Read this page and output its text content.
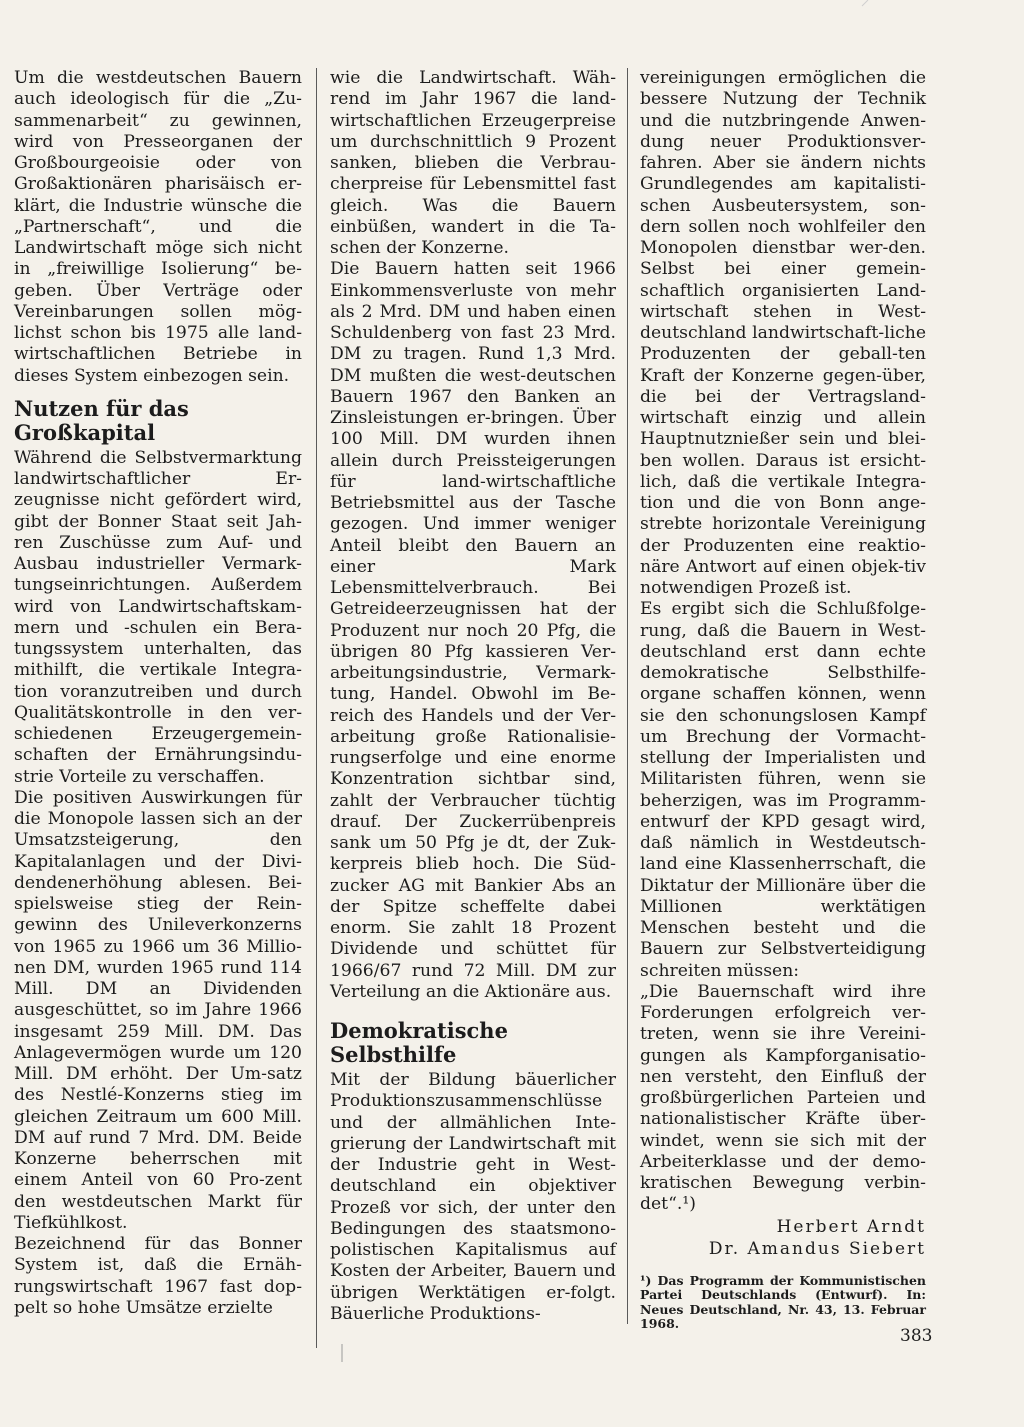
Um die westdeutschen Bauern auch ideologisch für die „Zu-sammenarbeit“ zu gewinnen, wird von Presseorganen der Großbourgeoisie oder von Großaktionären pharisäisch er-klärt, die Industrie wünsche die „Partnerschaft“, und die Landwirtschaft möge sich nicht in „freiwillige Isolierung“ be-geben. Über Verträge oder Vereinbarungen sollen mög-lichst schon bis 1975 alle land-wirtschaftlichen Betriebe in dieses System einbezogen sein.

Nutzen für das Großkapital

Während die Selbstvermarktung landwirtschaftlicher Er-zeugnisse nicht gefördert wird, gibt der Bonner Staat seit Jah-ren Zuschüsse zum Auf- und Ausbau industrieller Vermark-tungseinrichtungen. Außerdem wird von Landwirtschaftskam-mern und -schulen ein Bera-tungssystem unterhalten, das mithilft, die vertikale Integra-tion voranzutreiben und durch Qualitätskontrolle in den ver-schiedenen Erzeugergemein-schaften der Ernährungsindu-strie Vorteile zu verschaffen.

Die positiven Auswirkungen für die Monopole lassen sich an der Umsatzsteigerung, den Kapitalanlagen und der Divi-dendenerhöhung ablesen. Bei-spielsweise stieg der Rein-gewinn des Unileverkonzerns von 1965 zu 1966 um 36 Millio-nen DM, wurden 1965 rund 114 Mill. DM an Dividenden ausgeschüttet, so im Jahre 1966 insgesamt 259 Mill. DM. Das Anlagevermögen wurde um 120 Mill. DM erhöht. Der Um-satz des Nestlé-Konzerns stieg im gleichen Zeitraum um 600 Mill. DM auf rund 7 Mrd. DM. Beide Konzerne beherrschen mit einem Anteil von 60 Pro-zent den westdeutschen Markt für Tiefkühlkost.

Bezeichnend für das Bonner System ist, daß die Ernäh-rungswirtschaft 1967 fast dop-pelt so hohe Umsätze erzielte

wie die Landwirtschaft. Wäh-rend im Jahr 1967 die land-wirtschaftlichen Erzeugerpreise um durchschnittlich 9 Prozent sanken, blieben die Verbrau-cherpreise für Lebensmittel fast gleich. Was die Bauern einbüßen, wandert in die Ta-schen der Konzerne.

Die Bauern hatten seit 1966 Einkommensverluste von mehr als 2 Mrd. DM und haben einen Schuldenberg von fast 23 Mrd. DM zu tragen. Rund 1,3 Mrd. DM mußten die west-deutschen Bauern 1967 den Banken an Zinsleistungen er-bringen. Über 100 Mill. DM wurden ihnen allein durch Preissteigerungen für land-wirtschaftliche Betriebsmittel aus der Tasche gezogen. Und immer weniger Anteil bleibt den Bauern an einer Mark Lebensmittelverbrauch. Bei Getreideerzeugnissen hat der Produzent nur noch 20 Pfg, die übrigen 80 Pfg kassieren Ver-arbeitungsindustrie, Vermark-tung, Handel. Obwohl im Be-reich des Handels und der Ver-arbeitung große Rationalisie-rungserfolge und eine enorme Konzentration sichtbar sind, zahlt der Verbraucher tüchtig drauf. Der Zuckerrübenpreis sank um 50 Pfg je dt, der Zuk-kerpreis blieb hoch. Die Süd-zucker AG mit Bankier Abs an der Spitze scheffelte dabei enorm. Sie zahlt 18 Prozent Dividende und schüttet für 1966/67 rund 72 Mill. DM zur Verteilung an die Aktionäre aus.

Demokratische Selbsthilfe

Mit der Bildung bäuerlicher Produktionszusammenschlüsse und der allmählichen Inte-grierung der Landwirtschaft mit der Industrie geht in West-deutschland ein objektiver Prozeß vor sich, der unter den Bedingungen des staatsmono-polistischen Kapitalismus auf Kosten der Arbeiter, Bauern und übrigen Werktätigen er-folgt. Bäuerliche Produktions-

vereinigungen ermöglichen die bessere Nutzung der Technik und die nutzbringende Anwen-dung neuer Produktionsver-fahren. Aber sie ändern nichts Grundlegendes am kapitalisti-schen Ausbeutersystem, son-dern sollen noch wohlfeiler den Monopolen dienstbar wer-den. Selbst bei einer gemein-schaftlich organisierten Land-wirtschaft stehen in West-deutschland landwirtschaft-liche Produzenten der geball-ten Kraft der Konzerne gegen-über, die bei der Vertragsland-wirtschaft einzig und allein Hauptnutznießer sein und blei-ben wollen. Daraus ist ersicht-lich, daß die vertikale Integra-tion und die von Bonn ange-strebte horizontale Vereinigung der Produzenten eine reaktio-näre Antwort auf einen objek-tiv notwendigen Prozeß ist.

Es ergibt sich die Schlußfolge-rung, daß die Bauern in West-deutschland erst dann echte demokratische Selbsthilfe-organe schaffen können, wenn sie den schonungslosen Kampf um Brechung der Vormacht-stellung der Imperialisten und Militaristen führen, wenn sie beherzigen, was im Programm-entwurf der KPD gesagt wird, daß nämlich in Westdeutsch-land eine Klassenherrschaft, die Diktatur der Millionäre über die Millionen werktätigen Menschen besteht und die Bauern zur Selbstverteidigung schreiten müssen:

„Die Bauernschaft wird ihre Forderungen erfolgreich ver-treten, wenn sie ihre Vereini-gungen als Kampforganisatio-nen versteht, den Einfluß der großbürgerlichen Parteien und nationalistischer Kräfte über-windet, wenn sie sich mit der Arbeiterklasse und der demo-kratischen Bewegung verbin-det“.¹)

Herbert Arndt

Dr. Amandus Siebert

¹) Das Programm der Kommunistischen Partei Deutschlands (Entwurf). In: Neues Deutschland, Nr. 43, 13. Februar 1968.
383
